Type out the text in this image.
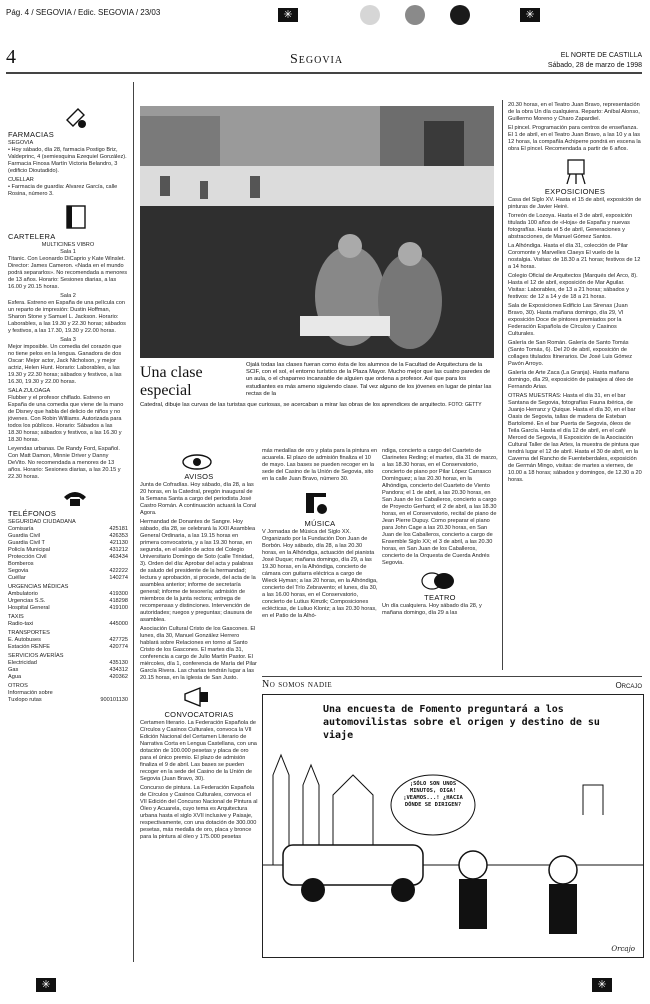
Pág. 4 / SEGOVIA / Edic. SEGOVIA / 23/03	✳	✳
4	Segovia	EL NORTE DE CASTILLA
Sábado, 28 de marzo de 1998
FARMACIAS
SEGOVIA

• Hoy sábado, día 28, farmacia Postigo Briz, Valdeprinc, 4 (semiesquina Ezequiel González). Farmacia Finosa Martín Victoria Belandro, 3 (edificio Dioutadido).

CUELLAR

• Farmacia de guardia: Alvarez García, calle Rosina, número 3.

CARTELERA
MULTICINES VIBRO
Sala 1

Titanic. Con Leonardo DiCaprio y Kate Winslet. Director: James Cameron. «Nada en el mundo podrá separarlos». No recomendada a menores de 13 años. Horario: Sesiones diarias, a las 16.00 y 20.15 horas.

Sala 2

Esfera. Estreno en España de una película con un reparto de impresión: Dustin Hoffman, Sharon Stone y Samuel L. Jackson. Horario: Laborables, a las 19.30 y 22.30 horas; sábados y festivos, a las 17.30, 19.30 y 22.00 horas.

Sala 3

Mejor imposible. Un comedia del corazón que no tiene pelos en la lengua. Ganadora de dos Oscar: Mejor actor, Jack Nicholson, y mejor actriz, Helen Hunt. Horario: Laborables, a las 19.30 y 22.30 horas; sábados y festivos, a las 16.30, 19.30 y 22.00 horas.

SALA ZULOAGA

Flubber y el profesor chiflado. Estreno en España de una comedia que viene de la mano de Disney que habla del delicio de niños y no jóvenes. Con Robin Williams. Autorizada para todos los públicos. Horario: Sábados a las 18.30 horas; sábados y festivos, a las 16.30 y 18.30 horas.

Leyendas urbanas. De Randy Ford, Español. Con Matt Damon, Minnie Driver y Danny DeVito. No recomendada a menores de 13 años. Horario: Sesiones diarias, a las 20.15 y 22.30 horas.

TELÉFONOS
SEGURIDAD CIUDADANA
Comisaría	425181
Guardia Civil	426353
Guardia Civil T	421130
Policía Municipal	431212
Protección Civil	463434
Bomberos
Segovia	422222
Cuéllar	140274
URGENCIAS MÉDICAS
Ambulatorio	419300
Urgencias S.S.	418298
Hospital General	419100
TAXIS
Radio-taxi	445000
TRANSPORTES
E. Autobuses	427725
Estación RENFE	420774
SERVICIOS AVERÍAS
Electricidad	435130
Gas	434312
Agua	420362
OTROS
Información sobre
Tuxlopo rutas	900101130
Una clase especial
Ojalá todas las clases fueran como ésta de los alumnos de la Facultad de Arquitectura de la SCIF, con el sol, el entorno turístico de la Plaza Mayor. Mucho mejor que las cuatro paredes de un aula, o el chaparreo incansable de alguien que ordena a profesor. Así que para los estudiantes es más ameno siguiendo clase. Tal vez alguno de los jóvenes en lugar de pintar las rectas de la
Catedral, dibuje las curvas de las turistas que curiosas, se acercaban a mirar las obras de los aprendices de arquitecto. FOTO: GETTY
AVISOS

Junta de Cofradías. Hoy sábado, día 28, a las 20 horas, en la Catedral, pregón inaugural de la Semana Santa a cargo del periodista José Castro Román. A continuación actuará la Coral Agora.

Hermandad de Donantes de Sangre. Hoy sábado, día 28, se celebrará la XXII Asamblea General Ordinaria, a las 19.15 horas en primera convocatoria, y a las 19.30 horas, en segunda, en el salón de actos del Colegio Universitario Domingo de Soto (calle Trinidad, 3). Orden del día: Aprobar del acta y palabras de saludo del presidente de la hermandad; lectura y aprobación, si procede, del acta de la asamblea anterior; informe de secretaría general; informe de tesorería; admisión de miembros de la junta rectora; entrega de recompensas y distinciones. Intervención de autoridades; ruegos y preguntas; clausura de asamblea.

Asociación Cultural Cristo de los Gascones. El lunes, día 30, Manuel González Herrero hablará sobre Relaciones en torno al Santo Cristo de los Gascones. El martes día 31, conferencia a cargo de Julio Martín Pastor. El miércoles, día 1, conferencia de María del Pilar García Rivera. Las charlas tendrán lugar a las 20.15 horas, en la iglesia de San Justo.

CONVOCATORIAS

Certamen literario. La Federación Española de Círculos y Casinos Culturales, convoca la VII Edición Nacional del Certamen Literario de Narrativa Corta en Lengua Castellana, con una dotación de 100.000 pesetas y placa de oro para el único premio. El plazo de admisión finaliza el 9 de abril. Las bases se pueden recoger en la sede del Casino de la Unión de Segovia (Juan Bravo, 30).

Concurso de pintura. La Federación Española de Círculos y Casinos Culturales, convoca el VII Edición del Concurso Nacional de Pintura al Óleo y Acuarela, cuyo tema es Arquitectura urbana hasta el siglo XVII inclusive y Paisaje, respectivamente, con una dotación de 300.000 pesetas, más medalla de oro, placa y bronce para la pintura al óleo y 175.000 pesetas

más medallas de oro y plata para la pintura en acuarela. El plazo de admisión finaliza el 10 de mayo. Las bases se pueden recoger en la sede del Casino de la Unión de Segovia, sito en la calle Juan Bravo, número 30.

MÚSICA

V Jornadas de Música del Siglo XX. Organizado por la Fundación Don Juan de Borbón. Hoy sábado, día 28, a las 20.30 horas, en la Alhóndiga, actuación del pianista José Duque; mañana domingo, día 29, a las 19.30 horas, en la Alhóndiga, concierto de cámara con guitarra eléctrica a cargo de Wieck Hyman; a las 20 horas, en la Alhóndiga, concierto del Trío Zebravento; el lunes, día 30, a las 16.00 horas, en el Conservatorio, concierto de Lutius Kimzik; Composiciones eclécticas, de Luliuo Kloniz; a las 20.30 horas, en el Patio de la Alhó-

ndiga, concierto a cargo del Cuarteto de Clarinetes Reding; el martes, día 31 de marzo, a las 18.30 horas, en el Conservatorio, concierto de piano por Pilar López Carrasco Domínguez; a las 20.30 horas, en la Alhóndiga, concierto del Cuarteto de Viento Pandora; el 1 de abril, a las 20.30 horas, en San Juan de los Caballeros, concierto a cargo de Proyecto Gerhard; el 2 de abril, a las 18.30 horas, en el Conservatorio, recital de piano de Jean Pierre Dupuy. Como preparar el piano para John Cage a las 20.30 horas, en San Juan de los Caballeros, concierto a cargo de Ensemble Siglo XX; el 3 de abril, a las 20.30 horas, en San Juan de los Caballeros, concierto de la Orquesta de Cuerda Andrés Segovia.

TEATRO

Un día cualquiera. Hoy sábado día 28, y mañana domingo, día 29 a las

20.30 horas, en el Teatro Juan Bravo, representación de la obra Un día cualquiera. Reparto: Aníbal Alonso, Guillermo Moreno y Charo Zapardiel.

El pincel. Programación para centros de enseñanza. El 1 de abril, en el Teatro Juan Bravo, a las 10 y a las 12 horas, la compañía Achiperre pondrá en escena la obra El pincel. Recomendada a partir de 6 años.

EXPOSICIONES

Casa del Siglo XV. Hasta el 15 de abril, exposición de pinturas de Javier Heiré.

Torreón de Lozoya. Hasta el 3 de abril, exposición titulada 100 años de «Hoja» de España y nuevas fotografías. Hasta el 5 de abril, Generaciones y abstracciones, de Manuel Gómez Santos.

La Alhóndiga. Hasta el día 31, colección de Pilar Coromonte y Marvelles Claeys El vuelo de la nostalgia. Visitas: de 18.30 a 21 horas; festivos de 12 a 14 horas.

Colegio Oficial de Arquitectos (Marqués del Arco, 8). Hasta el 12 de abril, exposición de Mar Aguilar. Visitas: Laborables, de 13 a 21 horas; sábados y festivos: de 12 a 14 y de 18 a 21 horas.

Sala de Exposiciones Edificio Las Sirenas (Juan Bravo, 30). Hasta mañana domingo, día 29, VI exposición Doce de pintores premiados por la Federación Española de Círculos y Casinos Culturales.

Galería de San Román. Galería de Santo Tomás (Santo Tomás, 6). Del 20 de abril, exposición de collages titulados Itinerarios. De José Luis Gómez Pavón Arroyo.

Galería de Arte Zaca (La Granja). Hasta mañana domingo, día 29, exposición de paisajes al óleo de Fernando Arias.

OTRAS MUESTRAS: Hasta el día 31, en el bar Santana de Segovia, fotografías Fauna ibérica, de Juanjo Herranz y Quique. Hasta el día 30, en el bar Oasis de Segovia, tallas de madera de Esteban Bartolomé. En el bar Puerta de Segovia, óleos de Teila García. Hasta el día 12 de abril, en el café Merced de Segovia, II Exposición de la Asociación Cultural Taller de las Artes, la muestra de pintura que tendrá lugar el 12 de abril. Hasta el 30 de abril, en la Caverna del Rancho de Fuenteberdales, exposición de Germán Mingo, visitas: de martes a viernes, de 10.00 a 18 horas; sábados y domingos, de 12.30 a 20 horas.

No somos nadie	Orcajo
Una encuesta de Fomento preguntará a los automovilistas sobre el origen y destino de su viaje
¡SÓLO SON UNOS MINUTOS, OIGA! ¡VEAMOS...! ¿HACIA DÓNDE SE DIRIGEN?
Orcajo
✳	✳
